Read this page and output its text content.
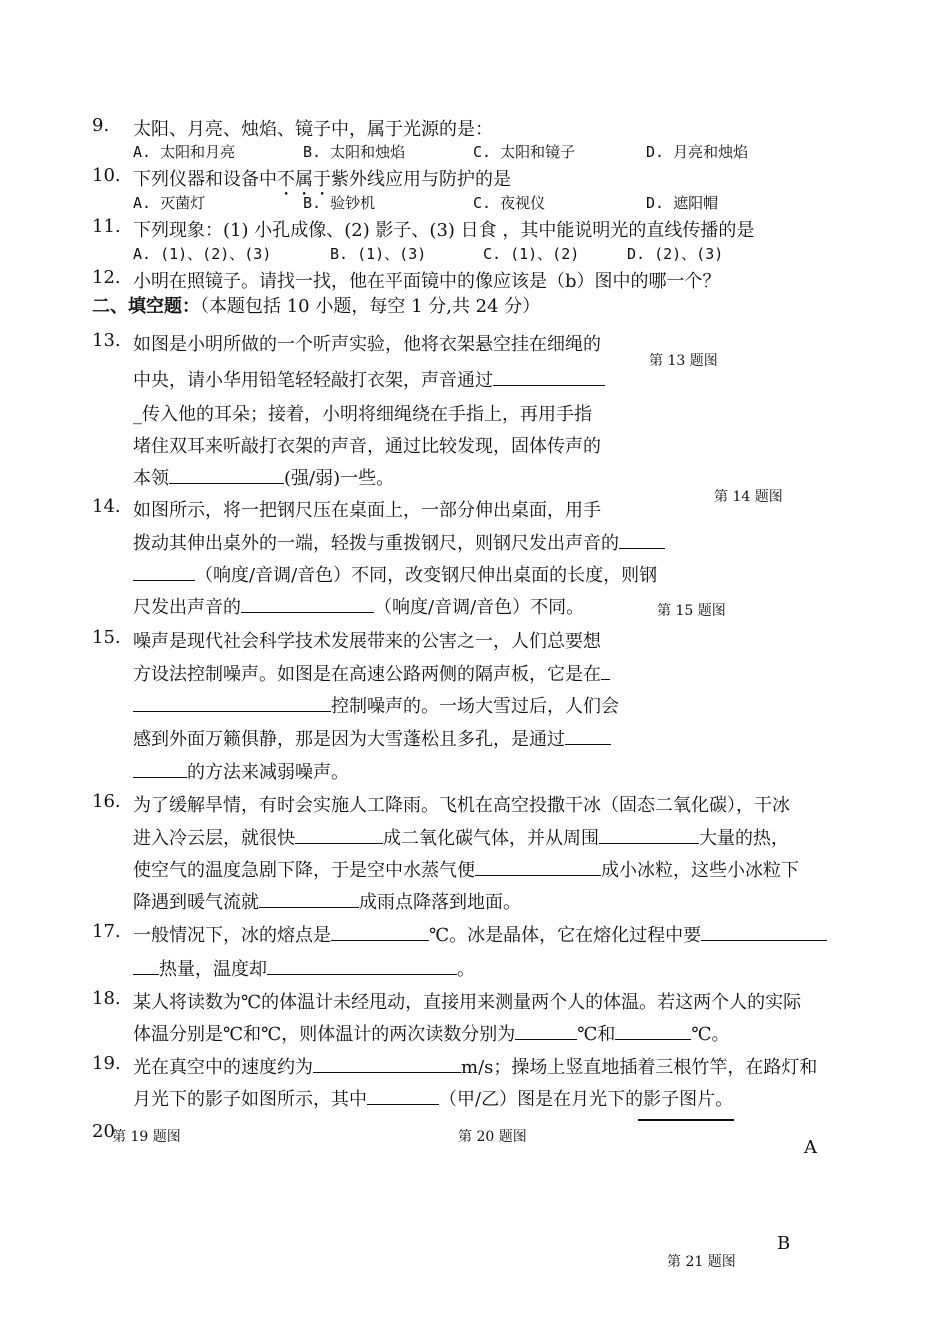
9. 太阳、月亮、烛焰、镜子中，属于光源的是：
A. 太阳和月亮	B. 太阳和烛焰	C. 太阳和镜子	D. 月亮和烛焰
10. 下列仪器和设备中不属于紫外线应用与防护的是
A. 灭菌灯	B. 验钞机	C. 夜视仪	D. 遮阳帽
11. 下列现象：(1) 小孔成像、(2) 影子、(3) 日食 ，其中能说明光的直线传播的是
A. (1)、(2)、(3)	B. (1)、(3)	C. (1)、(2)	D. (2)、(3)
12. 小明在照镜子。请找一找，他在平面镜中的像应该是（b）图中的哪一个？
二、填空题：（本题包括 10 小题，每空 1 分,共 24 分）
13. 如图是小明所做的一个听声实验，他将衣架悬空挂在细绳的
中央，请小华用铅笔轻轻敲打衣架，声音通过
_传入他的耳朵；接着，小明将细绳绕在手指上，再用手指
堵住双耳来听敲打衣架的声音，通过比较发现，固体传声的
本领	(强/弱)一些。
第 13 题图
14. 如图所示，将一把钢尺压在桌面上，一部分伸出桌面，用手
拨动其伸出桌外的一端，轻拨与重拨钢尺，则钢尺发出声音的
（响度/音调/音色）不同，改变钢尺伸出桌面的长度，则钢
尺发出声音的	（响度/音调/音色）不同。
第 14 题图
第 15 题图
15. 噪声是现代社会科学技术发展带来的公害之一，人们总要想
方设法控制噪声。如图是在高速公路两侧的隔声板，它是在
控制噪声的。一场大雪过后，人们会
感到外面万籁俱静，那是因为大雪蓬松且多孔，是通过
的方法来减弱噪声。
16. 为了缓解旱情，有时会实施人工降雨。飞机在高空投撒干冰（固态二氧化碳），干冰
进入冷云层，就很快	成二氧化碳气体，并从周围	大量的热，
使空气的温度急剧下降，于是空中水蒸气便	成小冰粒，这些小冰粒下
降遇到暖气流就	成雨点降落到地面。
17. 一般情况下，冰的熔点是	℃。冰是晶体，它在熔化过程中要
热量，温度却	。
18. 某人将读数为℃的体温计未经甩动，直接用来测量两个人的体温。若这两个人的实际
体温分别是℃和℃，则体温计的两次读数分别为	℃和	℃。
19. 光在真空中的速度约为	m/s；操场上竖直地插着三根竹竿，在路灯和
月光下的影子如图所示，其中	（甲/乙）图是在月光下的影子图片。
20
第 19 题图	第 20 题图	A
B
第 21 题图
